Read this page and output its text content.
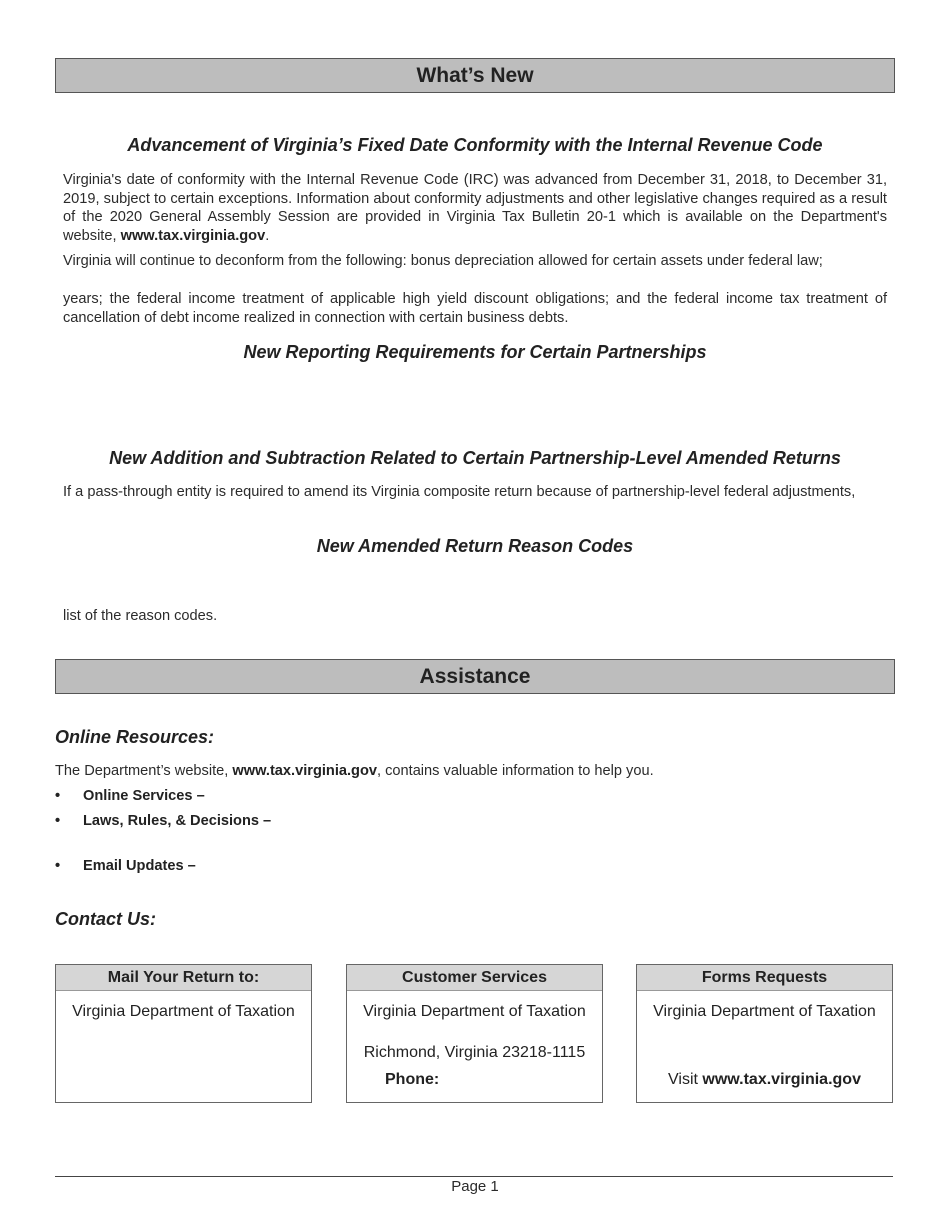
What’s New
Advancement of Virginia’s Fixed Date Conformity with the Internal Revenue Code

Virginia's date of conformity with the Internal Revenue Code (IRC) was advanced from December 31, 2018, to December 31, 2019, subject to certain exceptions. Information about conformity adjustments and other legislative changes required as a result of the 2020 General Assembly Session are provided in Virginia Tax Bulletin 20-1 which is available on the Department's website, www.tax.virginia.gov.

Virginia will continue to deconform from the following: bonus depreciation allowed for certain assets under federal law;

years; the federal income treatment of applicable high yield discount obligations; and the federal income tax treatment of cancellation of debt income realized in connection with certain business debts.

New Reporting Requirements for Certain Partnerships
New Addition and Subtraction Related to Certain Partnership-Level Amended Returns

If a pass-through entity is required to amend its Virginia composite return because of partnership-level federal adjustments,

New Amended Return Reason Codes

list of the reason codes.

Assistance
Online Resources:
The Department’s website, www.tax.virginia.gov, contains valuable information to help you.
• Online Services –
• Laws, Rules, & Decisions –
• Email Updates –
Contact Us:
Mail Your Return to:
Virginia Department of Taxation
Customer Services
Virginia Department of Taxation
Richmond, Virginia 23218-1115
Phone:
Forms Requests
Virginia Department of Taxation
Visit www.tax.virginia.gov
Page 1
